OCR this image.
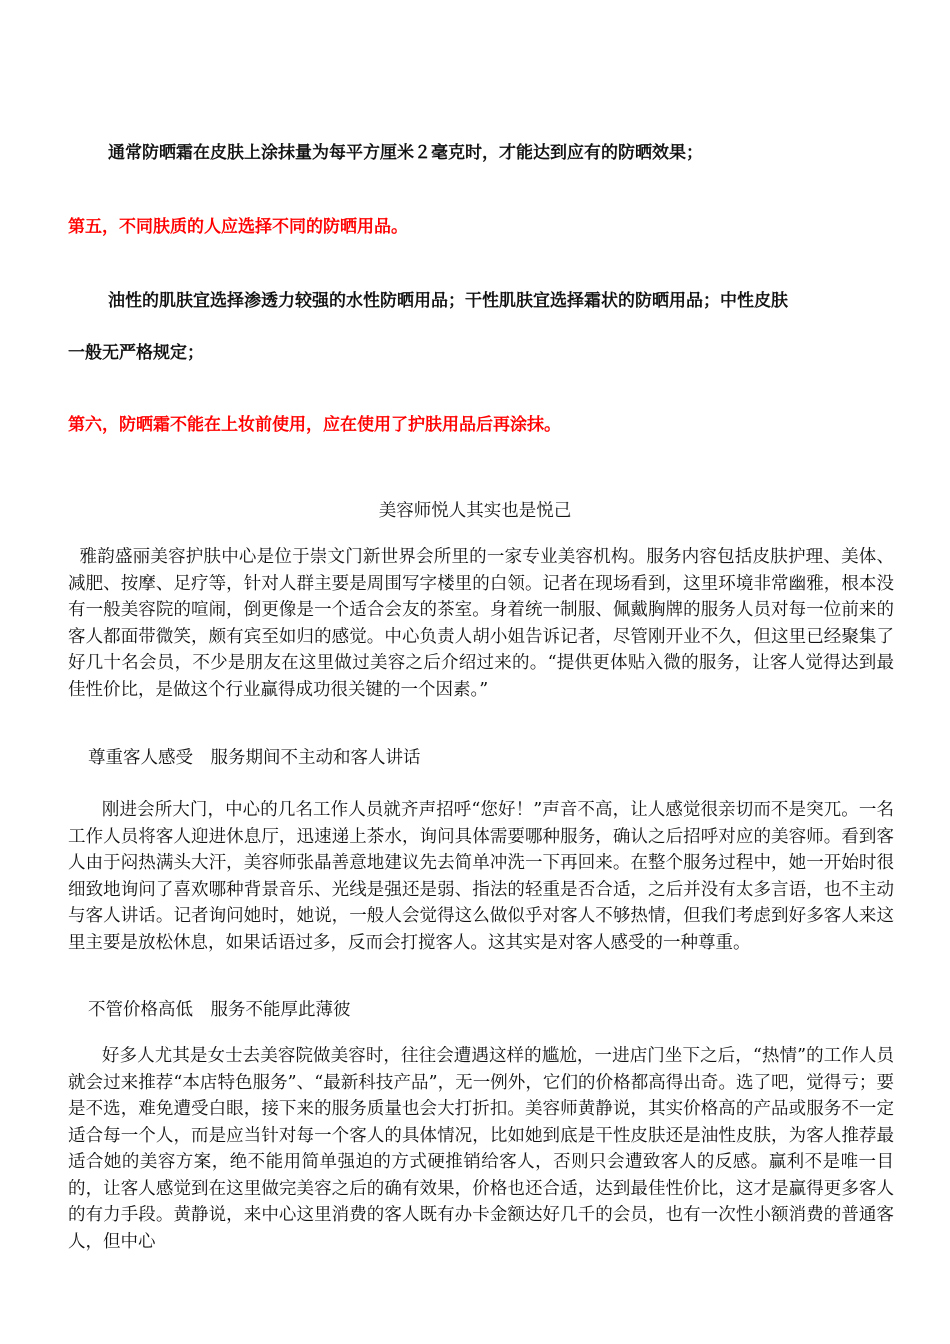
通常防晒霜在皮肤上涂抹量为每平方厘米２毫克时，才能达到应有的防晒效果；
第五，不同肤质的人应选择不同的防晒用品。
油性的肌肤宜选择渗透力较强的水性防晒用品；干性肌肤宜选择霜状的防晒用品；中性皮肤
一般无严格规定；
第六，防晒霜不能在上妆前使用，应在使用了护肤用品后再涂抹。
美容师悦人其实也是悦己

雅韵盛丽美容护肤中心是位于崇文门新世界会所里的一家专业美容机构。服务内容包括皮肤护理、美体、减肥、按摩、足疗等，针对人群主要是周围写字楼里的白领。记者在现场看到，这里环境非常幽雅，根本没有一般美容院的喧闹，倒更像是一个适合会友的茶室。身着统一制服、佩戴胸牌的服务人员对每一位前来的客人都面带微笑，颇有宾至如归的感觉。中心负责人胡小姐告诉记者，尽管刚开业不久，但这里已经聚集了好几十名会员，不少是朋友在这里做过美容之后介绍过来的。“提供更体贴入微的服务，让客人觉得达到最佳性价比，是做这个行业赢得成功很关键的一个因素。”

尊重客人感受　服务期间不主动和客人讲话

刚进会所大门，中心的几名工作人员就齐声招呼“您好！”声音不高，让人感觉很亲切而不是突兀。一名工作人员将客人迎进休息厅，迅速递上茶水，询问具体需要哪种服务，确认之后招呼对应的美容师。看到客人由于闷热满头大汗，美容师张晶善意地建议先去简单冲洗一下再回来。在整个服务过程中，她一开始时很细致地询问了喜欢哪种背景音乐、光线是强还是弱、指法的轻重是否合适，之后并没有太多言语，也不主动与客人讲话。记者询问她时，她说，一般人会觉得这么做似乎对客人不够热情，但我们考虑到好多客人来这里主要是放松休息，如果话语过多，反而会打搅客人。这其实是对客人感受的一种尊重。

不管价格高低　服务不能厚此薄彼

好多人尤其是女士去美容院做美容时，往往会遭遇这样的尴尬，一进店门坐下之后，“热情”的工作人员就会过来推荐“本店特色服务”、“最新科技产品”，无一例外，它们的价格都高得出奇。选了吧，觉得亏；要是不选，难免遭受白眼，接下来的服务质量也会大打折扣。美容师黄静说，其实价格高的产品或服务不一定适合每一个人，而是应当针对每一个客人的具体情况，比如她到底是干性皮肤还是油性皮肤，为客人推荐最适合她的美容方案，绝不能用简单强迫的方式硬推销给客人，否则只会遭致客人的反感。赢利不是唯一目的，让客人感觉到在这里做完美容之后的确有效果，价格也还合适，达到最佳性价比，这才是赢得更多客人的有力手段。黄静说，来中心这里消费的客人既有办卡金额达好几千的会员，也有一次性小额消费的普通客人，但中心
